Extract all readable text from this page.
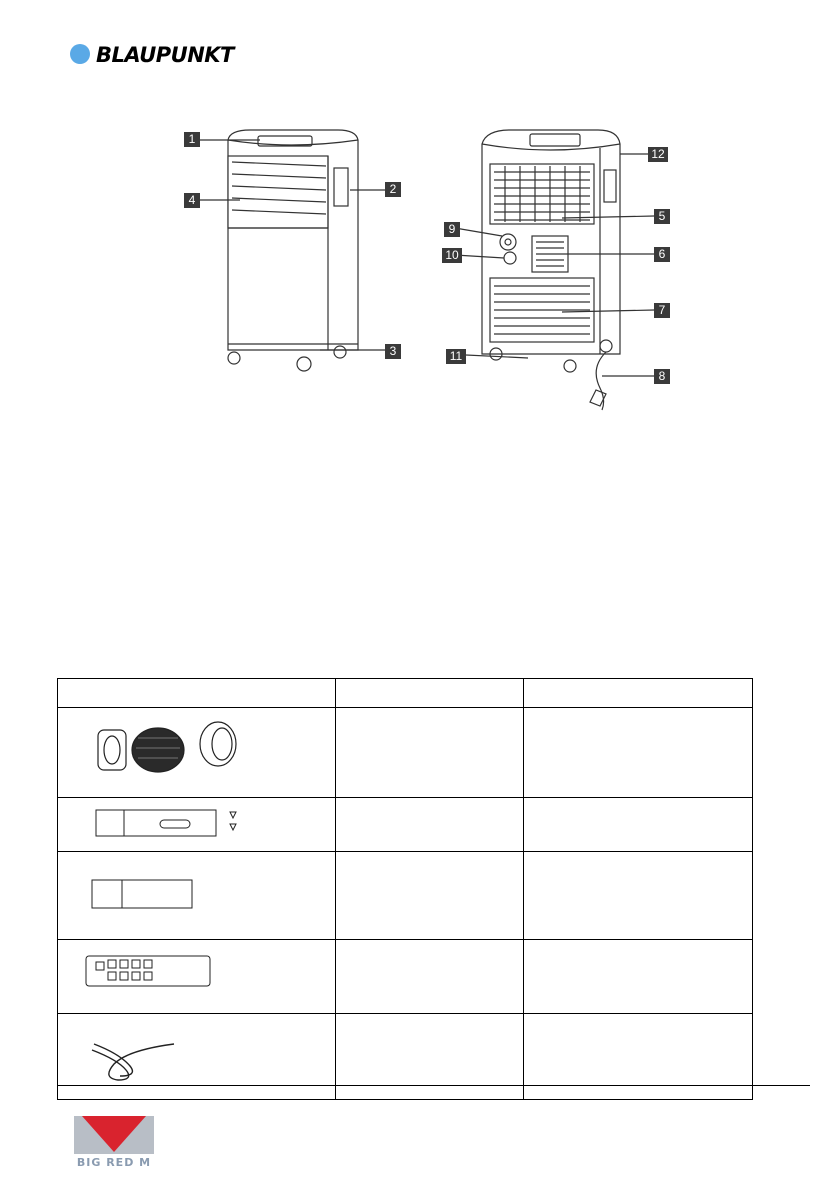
BLAUPUNKT
1
2
3
4
5
6
7
8
9
10
11
12

BIG RED M
